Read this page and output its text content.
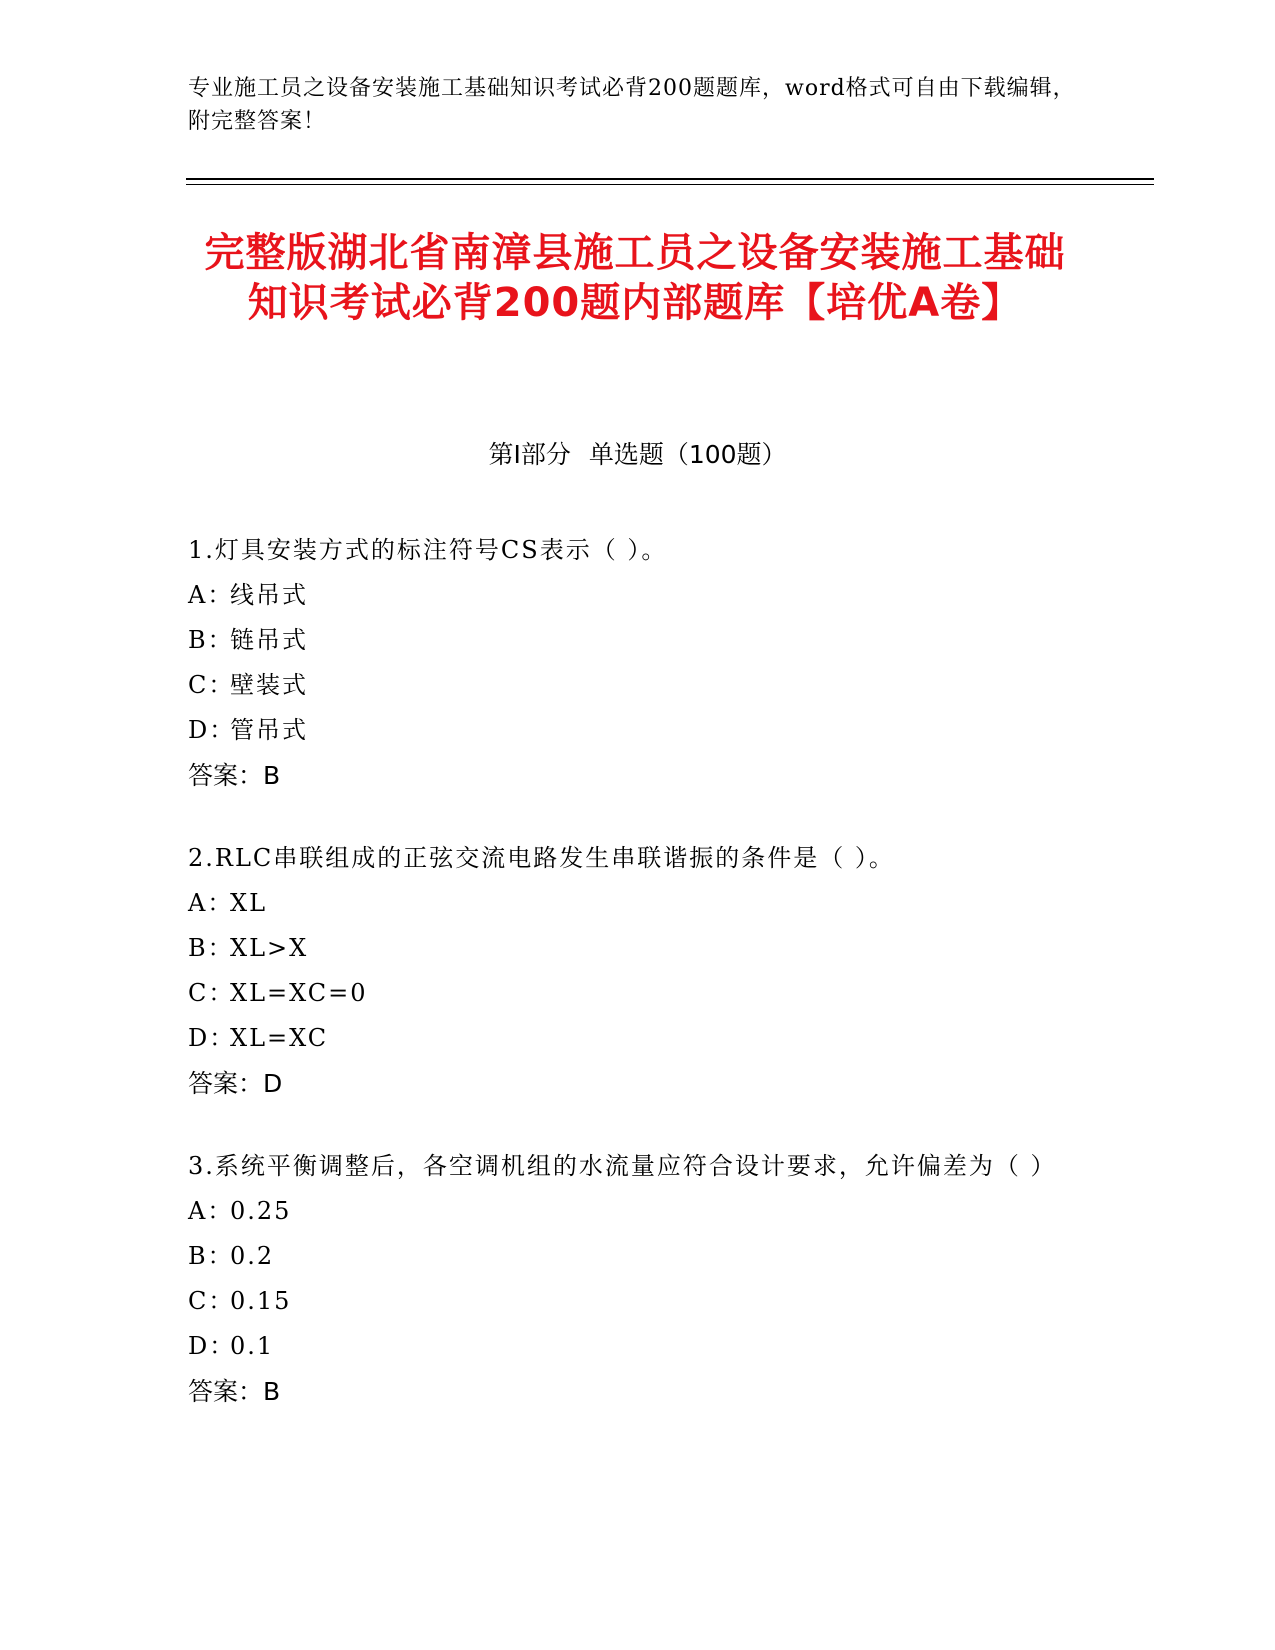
专业施工员之设备安装施工基础知识考试必背200题题库，word格式可自由下载编辑，附完整答案！
完整版湖北省南漳县施工员之设备安装施工基础知识考试必背200题内部题库【培优A卷】
第I部分 单选题（100题）
1.灯具安装方式的标注符号CS表示（ ）。
A：线吊式
B：链吊式
C：壁装式
D：管吊式
答案：B
2.RLC串联组成的正弦交流电路发生串联谐振的条件是（ ）。
A：XL
B：XL>X
C：XL=XC=0
D：XL=XC
答案：D
3.系统平衡调整后，各空调机组的水流量应符合设计要求，允许偏差为（ ）
A：0.25
B：0.2
C：0.15
D：0.1
答案：B
